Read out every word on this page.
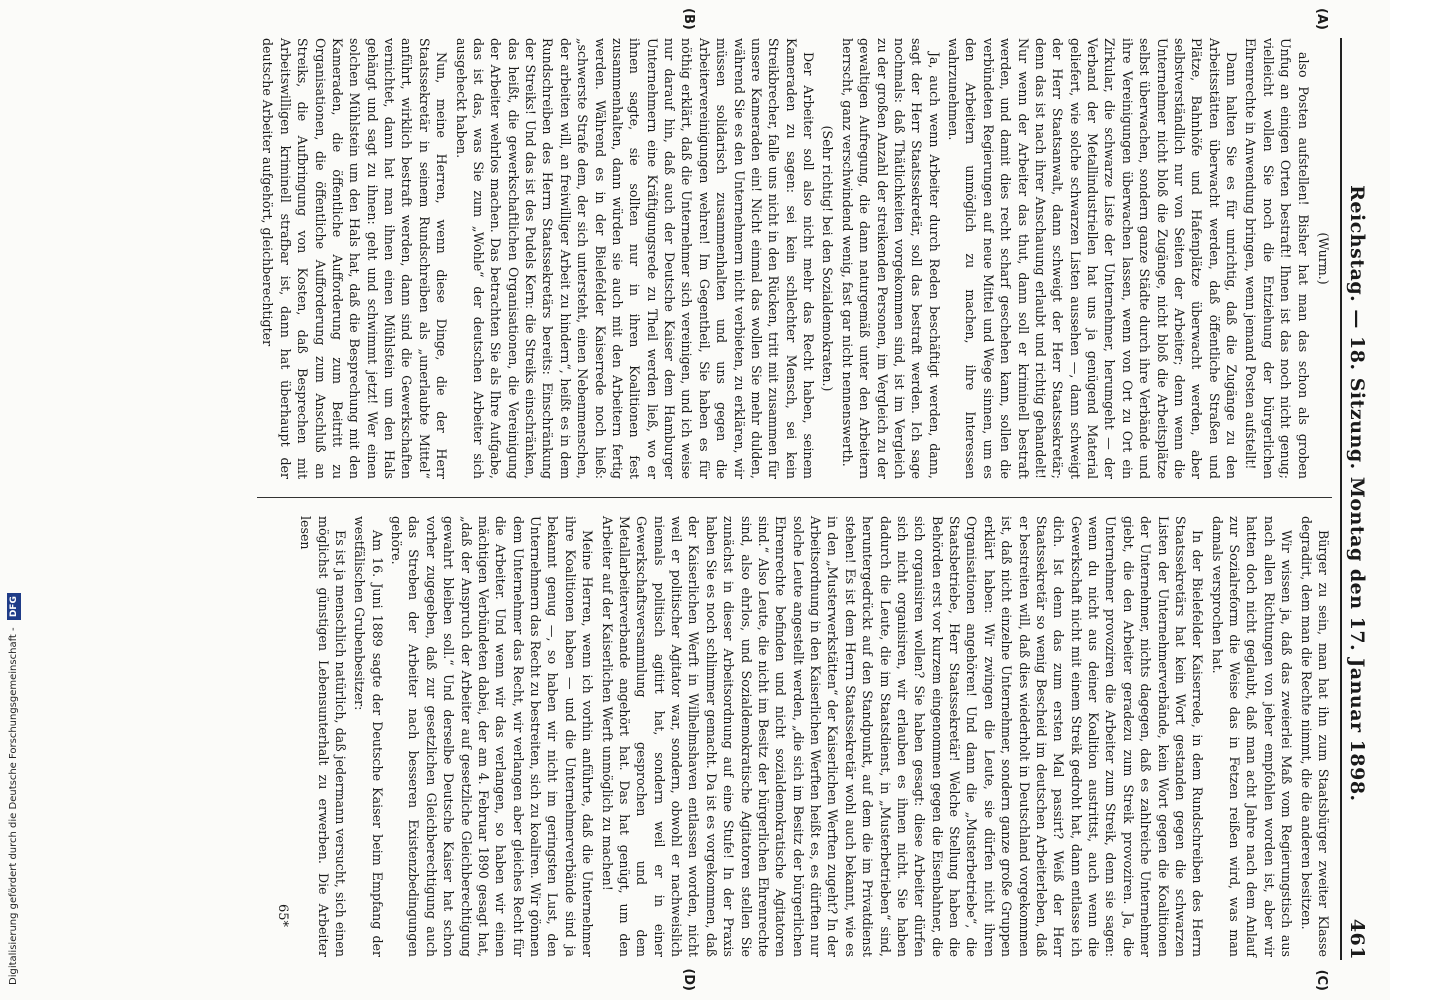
Reichstag. — 18. Sitzung. Montag den 17. Januar 1898.
461
(A)
(B)

(Wurm.)

also Posten aufstellen! Bisher hat man das schon als groben Unfug an einigen Orten bestraft! Ihnen ist das noch nicht genug; vielleicht wollen Sie noch die Entziehung der bürgerlichen Ehrenrechte in Anwendung bringen, wenn jemand Posten aufstellt!

Dann halten Sie es für unrichtig, daß die Zugänge zu den Arbeitsstätten überwacht werden, daß öffentliche Straßen und Plätze, Bahnhöfe und Hafenplätze überwacht werden, aber selbstverständlich nur von Seiten der Arbeiter; denn wenn die Unternehmer nicht bloß die Zugänge, nicht bloß die Arbeitsplätze selbst überwachen, sondern ganze Städte durch ihre Verbände und ihre Vereinigungen überwachen lassen, wenn von Ort zu Ort ein Zirkular, die schwarze Liste der Unternehmer, herumgeht — der Verband der Metallindustriellen hat uns ja genügend Material geliefert, wie solche schwarzen Listen aussehen —, dann schweigt der Herr Staatsanwalt, dann schweigt der Herr Staatssekretär; denn das ist nach ihrer Anschauung erlaubt und richtig gehandelt! Nur wenn der Arbeiter das thut, dann soll er kriminell bestraft werden, und damit dies recht scharf geschehen kann, sollen die verbündeten Regierungen auf neue Mittel und Wege sinnen, um es den Arbeitern unmöglich zu machen, ihre Interessen wahrzunehmen.

Ja, auch wenn Arbeiter durch Reden beschäftigt werden, dann, sagt der Herr Staatssekretär, soll das bestraft werden. Ich sage nochmals: daß Thätlichkeiten vorgekommen sind, ist im Vergleich zu der großen Anzahl der streikenden Personen, im Vergleich zu der gewaltigen Aufregung, die dann naturgemäß unter den Arbeitern herrscht, ganz verschwindend wenig, fast gar nicht nennenswerth.

(Sehr richtig! bei den Sozialdemokraten.)

Der Arbeiter soll also nicht mehr das Recht haben, seinem Kameraden zu sagen: sei kein schlechter Mensch, sei kein Streikbrecher, falle uns nicht in den Rücken, tritt mit zusammen für unsere Kameraden ein! Nicht einmal das wollen Sie mehr dulden, während Sie es den Unternehmern nicht verbieten, zu erklären, wir müssen solidarisch zusammenhalten und uns gegen die Arbeitervereinigungen wehren! Im Gegentheil, Sie haben es für nöthig erklärt, daß die Unternehmer sich vereinigen, und ich weise nur darauf hin, daß auch der Deutsche Kaiser dem Hamburger Unternehmern eine Kräftigungsrede zu Theil werden ließ, wo er ihnen sagte, sie sollten nur in ihren Koalitionen fest zusammenhalten, dann würden sie auch mit den Arbeitern fertig werden. Während es in der Bielefelder Kaiserrede noch hieß: „schwerste Strafe dem, der sich untersteht, einen Nebenmenschen, der arbeiten will, an freiwilliger Arbeit zu hindern“, heißt es in dem Rundschreiben des Herrn Staatssekretärs bereits: Einschränkung der Streiks! Und das ist des Pudels Kern: die Streiks einschränken, das heißt, die gewerkschaftlichen Organisationen, die Vereinigung der Arbeiter wehrlos machen. Das betrachten Sie als Ihre Aufgabe, das ist das, was Sie zum „Wohle“ der deutschen Arbeiter sich ausgeheckt haben.

Nun, meine Herren, wenn diese Dinge, die der Herr Staatssekretär in seinem Rundschreiben als „unerlaubte Mittel“ anführt, wirklich bestraft werden, dann sind die Gewerkschaften vernichtet, dann hat man ihnen einen Mühlstein um den Hals gehängt und sagt zu ihnen: geht und schwimmt jetzt! Wer einen solchen Mühlstein um den Hals hat, daß die Besprechung mit den Kameraden, die öffentliche Aufforderung zum Beitritt zu Organisationen, die öffentliche Aufforderung zum Anschluß an Streiks, die Aufbringung von Kosten, daß Besprechen mit Arbeitswilligen kriminell strafbar ist, dann hat überhaupt der deutsche Arbeiter aufgehört, gleichberechtigter

(C)
(D)

Bürger zu sein, man hat ihn zum Staatsbürger zweiter Klasse degradirt, dem man die Rechte nimmt, die die anderen besitzen.

Wir wissen ja, daß das zweierlei Maß vom Regierungstisch aus nach allen Richtungen von jeher empfohlen worden ist, aber wir hatten doch nicht geglaubt, daß man acht Jahre nach dem Anlauf zur Sozialreform die Weise das in Fetzen reißen wird, was man damals versprochen hat.

In der Bielefelder Kaiserrede, in dem Rundschreiben des Herrn Staatssekretärs hat kein Wort gestanden gegen die schwarzen Listen der Unternehmerverbände, kein Wort gegen die Koalitionen der Unternehmer, nichts dagegen, daß es zahlreiche Unternehmer giebt, die den Arbeiter geradezu zum Streik provoziren. Ja, die Unternehmer provoziren die Arbeiter zum Streik, denn sie sagen: wenn du nicht aus deiner Koalition austrittst, auch wenn die Gewerkschaft nicht mit einem Streik gedroht hat, dann entlasse ich dich. Ist denn das zum ersten Mal passirt? Weiß der Herr Staatssekretär so wenig Bescheid im deutschen Arbeiterleben, daß er bestreiten will, daß dies wiederholt in Deutschland vorgekommen ist, daß nicht einzelne Unternehmer, sondern ganze große Gruppen erklärt haben: Wir zwingen die Leute, sie dürfen nicht ihren Organisationen angehören! Und dann die „Musterbetriebe“, die Staatsbetriebe, Herr Staatssekretär! Welche Stellung haben die Behörden erst vor kurzem eingenommen gegen die Eisenbahner, die sich organisiren wollen? Sie haben gesagt: diese Arbeiter dürfen sich nicht organisiren, wir erlauben es ihnen nicht. Sie haben dadurch die Leute, die im Staatsdienst, in „Musterbetrieben“ sind, heruntergedrückt auf den Standpunkt, auf dem die im Privatdienst stehen! Es ist dem Herrn Staatssekretär wohl auch bekannt, wie es in den „Musterwerkstätten“ der Kaiserlichen Werften zugeht? In der Arbeitsordnung in den Kaiserlichen Werften heißt es, es dürften nur solche Leute angestellt werden, „die sich im Besitz der bürgerlichen Ehrenrechte befinden und nicht sozialdemokratische Agitatoren sind.“ Also Leute, die nicht im Besitz der bürgerlichen Ehrenrechte sind, also ehrlos, und Sozialdemokratische Agitatoren stellen Sie zunächst in dieser Arbeitsordnung auf eine Stufe! In der Praxis haben Sie es noch schlimmer gemacht. Da ist es vorgekommen, daß der Kaiserlichen Werft in Wilhelmshaven entlassen worden, nicht weil er politischer Agitator war, sondern, obwohl er nachweislich niemals politisch agitirt hat, sondern weil er in einer Gewerkschaftsversammlung gesprochen und dem Metallarbeiterverbande angehört hat. Das hat genügt, um den Arbeiter auf der Kaiserlichen Werft unmöglich zu machen!

Meine Herren, wenn ich vorhin anführte, daß die Unternehmer ihre Koalitionen haben — und die Unternehmerverbände sind ja bekannt genug —, so haben wir nicht im geringsten Lust, den Unternehmern das Recht zu bestreiten, sich zu koaliren. Wir gönnen dem Unternehmer das Recht, wir verlangen aber gleiches Recht für die Arbeiter. Und wenn wir das verlangen, so haben wir einen mächtigen Verbündeten dabei, der am 4. Februar 1890 gesagt hat, „daß der Anspruch der Arbeiter auf gesetzliche Gleichberechtigung gewahrt bleiben soll.“ Und derselbe Deutsche Kaiser hat schon vorher zugegeben, daß zur gesetzlichen Gleichberechtigung auch das Streben der Arbeiter nach besseren Existenzbedingungen gehöre.

Am 16. Juni 1889 sagte der Deutsche Kaiser beim Empfang der westfälischen Grubenbesitzer:

Es ist ja menschlich natürlich, daß jedermann versucht, sich einen möglichst günstigen Lebensunterhalt zu erwerben. Die Arbeiter lesen

65*
Digitalisierung gefördert durch die Deutsche Forschungsgemeinschaft - DFG
